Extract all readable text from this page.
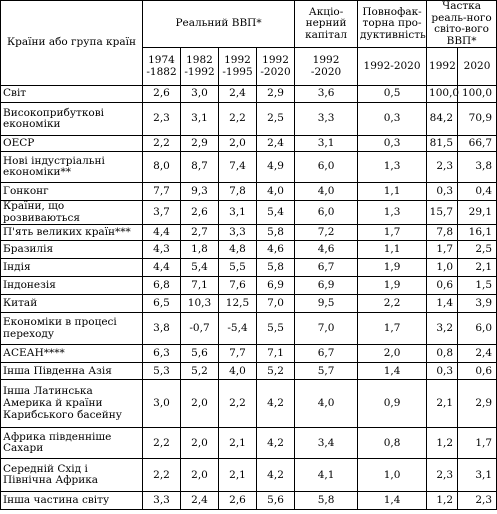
Країни або група країн	Реальний ВВП*				Акціо-нерний капітал	Повнофак-торна про-дуктивність	Частка реаль-ного світо-вого ВВП*	
	1974 -1882	1982 -1992	1992 -1995	1992 -2020	1992 -2020	1992-2020	1992	2020
Світ	2,6	3,0	2,4	2,9	3,6	0,5	100,0	100,0
Високоприбуткові економіки	2,3	3,1	2,2	2,5	3,3	0,3	84,2	70,9
ОЕСР	2,2	2,9	2,0	2,4	3,1	0,3	81,5	66,7
Нові індустріальні економіки**	8,0	8,7	7,4	4,9	6,0	1,3	2,3	3,8
Гонконг	7,7	9,3	7,8	4,0	4,0	1,1	0,3	0,4
Країни, що розвиваються	3,7	2,6	3,1	5,4	6,0	1,3	15,7	29,1
П'ять великих країн***	4,4	2,7	3,3	5,8	7,2	1,7	7,8	16,1
Бразилія	4,3	1,8	4,8	4,6	4,6	1,1	1,7	2,5
Індія	4,4	5,4	5,5	5,8	6,7	1,9	1,0	2,1
Індонезія	6,8	7,1	7,6	6,9	6,9	1,9	0,6	1,5
Китай	6,5	10,3	12,5	7,0	9,5	2,2	1,4	3,9
Економіки в процесі переходу	3,8	-0,7	-5,4	5,5	7,0	1,7	3,2	6,0
АСЕАН****	6,3	5,6	7,7	7,1	6,7	2,0	0,8	2,4
Інша Південна Азія	5,3	5,2	4,0	5,2	5,7	1,4	0,3	0,6
Інша Латинська Америка й країни Карибського басейну	3,0	2,0	2,2	4,2	4,0	0,9	2,1	2,9
Африка південніше Сахари	2,2	2,0	2,1	4,2	3,4	0,8	1,2	1,7
Середній Схід і Північна Африка	2,2	2,0	2,1	4,2	4,1	1,0	2,3	3,1
Інша частина світу	3,3	2,4	2,6	5,6	5,8	1,4	1,2	2,3
